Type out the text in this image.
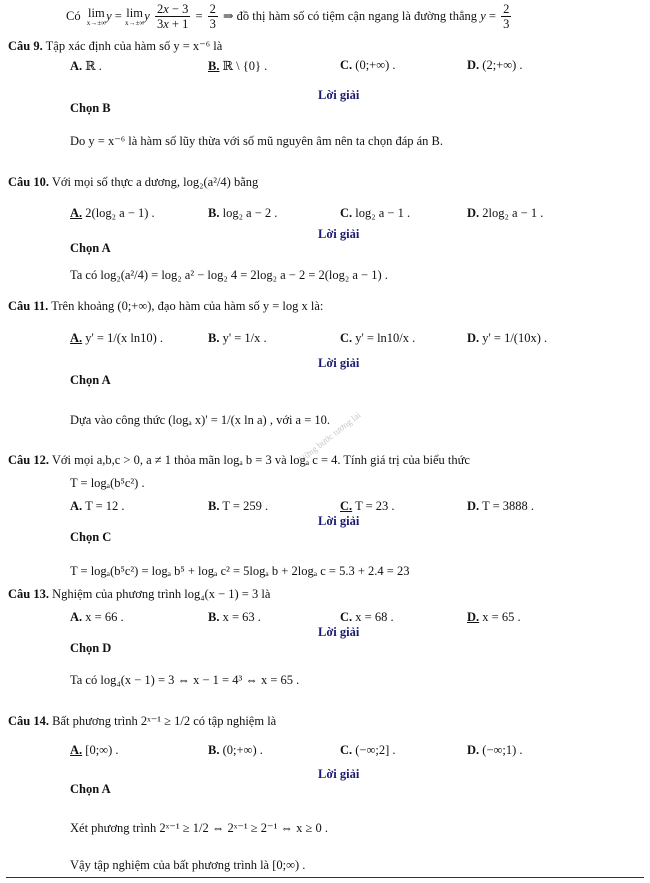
Có lim
x→±∞ y = lim
x→±∞ y $\frac{2x - 3}{3x + 1} = \frac{2}{3}$ ⇒ đồ thị hàm số có tiệm cận ngang là đường thẳng $y = \frac{2}{3}$
Câu 9. Tập xác định của hàm số y = x⁻⁶ là
A. ℝ .	B. ℝ \ {0} .	C. (0;+∞) .	D. (2;+∞) .
Lời giải
Chọn B
Do y = x⁻⁶ là hàm số lũy thừa với số mũ nguyên âm nên ta chọn đáp án B.
Câu 10. Với mọi số thực a dương, log₂(a²/4) bằng
A. 2(log₂ a − 1) .	B. log₂ a − 2 .	C. log₂ a − 1 .	D. 2log₂ a − 1 .
Lời giải
Chọn A
Ta có log₂(a²/4) = log₂ a² − log₂ 4 = 2log₂ a − 2 = 2(log₂ a − 1) .
Câu 11. Trên khoảng (0;+∞), đạo hàm của hàm số y = log x là:
A. y' = 1/(x ln10) .	B. y' = 1/x .	C. y' = ln10/x .	D. y' = 1/(10x) .
Lời giải
Chọn A
Dựa vào công thức (logₐ x)' = 1/(x ln a) , với a = 10.
Vững bước tương lai
Câu 12. Với mọi a,b,c > 0, a ≠ 1 thỏa mãn logₐ b = 3 và logₐ c = 4. Tính giá trị của biểu thức
T = logₐ(b⁵c²) .
A. T = 12 .	B. T = 259 .	C. T = 23 .	D. T = 3888 .
Lời giải
Chọn C
T = logₐ(b⁵c²) = logₐ b⁵ + logₐ c² = 5logₐ b + 2logₐ c = 5.3 + 2.4 = 23
Câu 13. Nghiệm của phương trình log₄(x − 1) = 3 là
A. x = 66 .	B. x = 63 .	C. x = 68 .	D. x = 65 .
Lời giải
Chọn D
Ta có log₄(x − 1) = 3 ⇔ x − 1 = 4³ ⇔ x = 65 .
Câu 14. Bất phương trình 2ˣ⁻¹ ≥ 1/2 có tập nghiệm là
A. [0;∞) .	B. (0;+∞) .	C. (−∞;2] .	D. (−∞;1) .
Lời giải
Chọn A
Xét phương trình 2ˣ⁻¹ ≥ 1/2 ⇔ 2ˣ⁻¹ ≥ 2⁻¹ ⇔ x ≥ 0 .
Vậy tập nghiệm của bất phương trình là [0;∞) .
